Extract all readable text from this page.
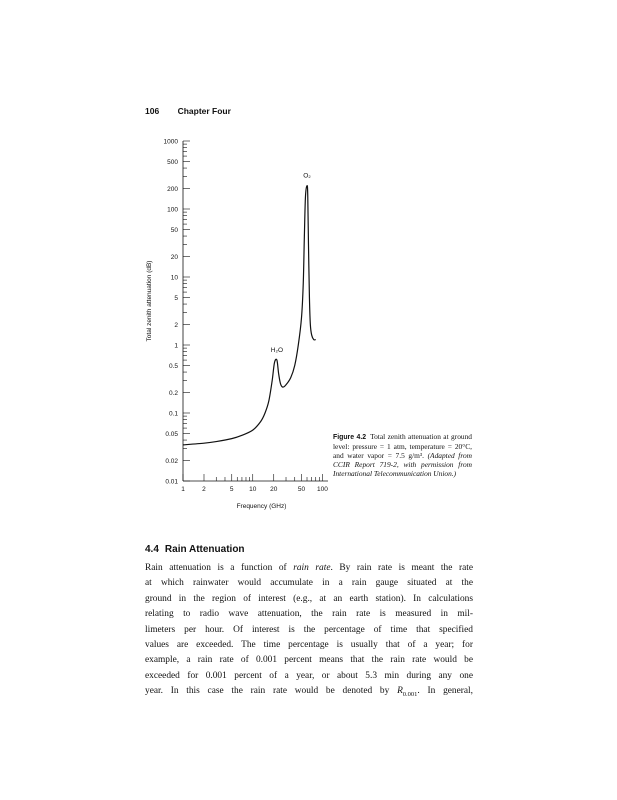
106 Chapter Four
0.01
0.02
0.05
0.1
0.2
0.5
1
2
5
10
20
50
100
200
500
1000
1	2	5 10 20	50 100
Frequency (GHz)
Total zenith attenuation (dB)
H₂O
O₂
Figure 4.2 Total zenith attenuation at ground level: pressure = 1 atm, temperature = 20°C, and water vapor = 7.5 g/m³. (Adapted from CCIR Report 719-2, with permission from International Telecommunication Union.)
4.4 Rain Attenuation
Rain attenuation is a function of rain rate. By rain rate is meant the rate
at which rainwater would accumulate in a rain gauge situated at the
ground in the region of interest (e.g., at an earth station). In calculations
relating to radio wave attenuation, the rain rate is measured in mil-
limeters per hour. Of interest is the percentage of time that specified
values are exceeded. The time percentage is usually that of a year; for
example, a rain rate of 0.001 percent means that the rain rate would be
exceeded for 0.001 percent of a year, or about 5.3 min during any one
year. In this case the rain rate would be denoted by $R_{0.001}$. In general,
